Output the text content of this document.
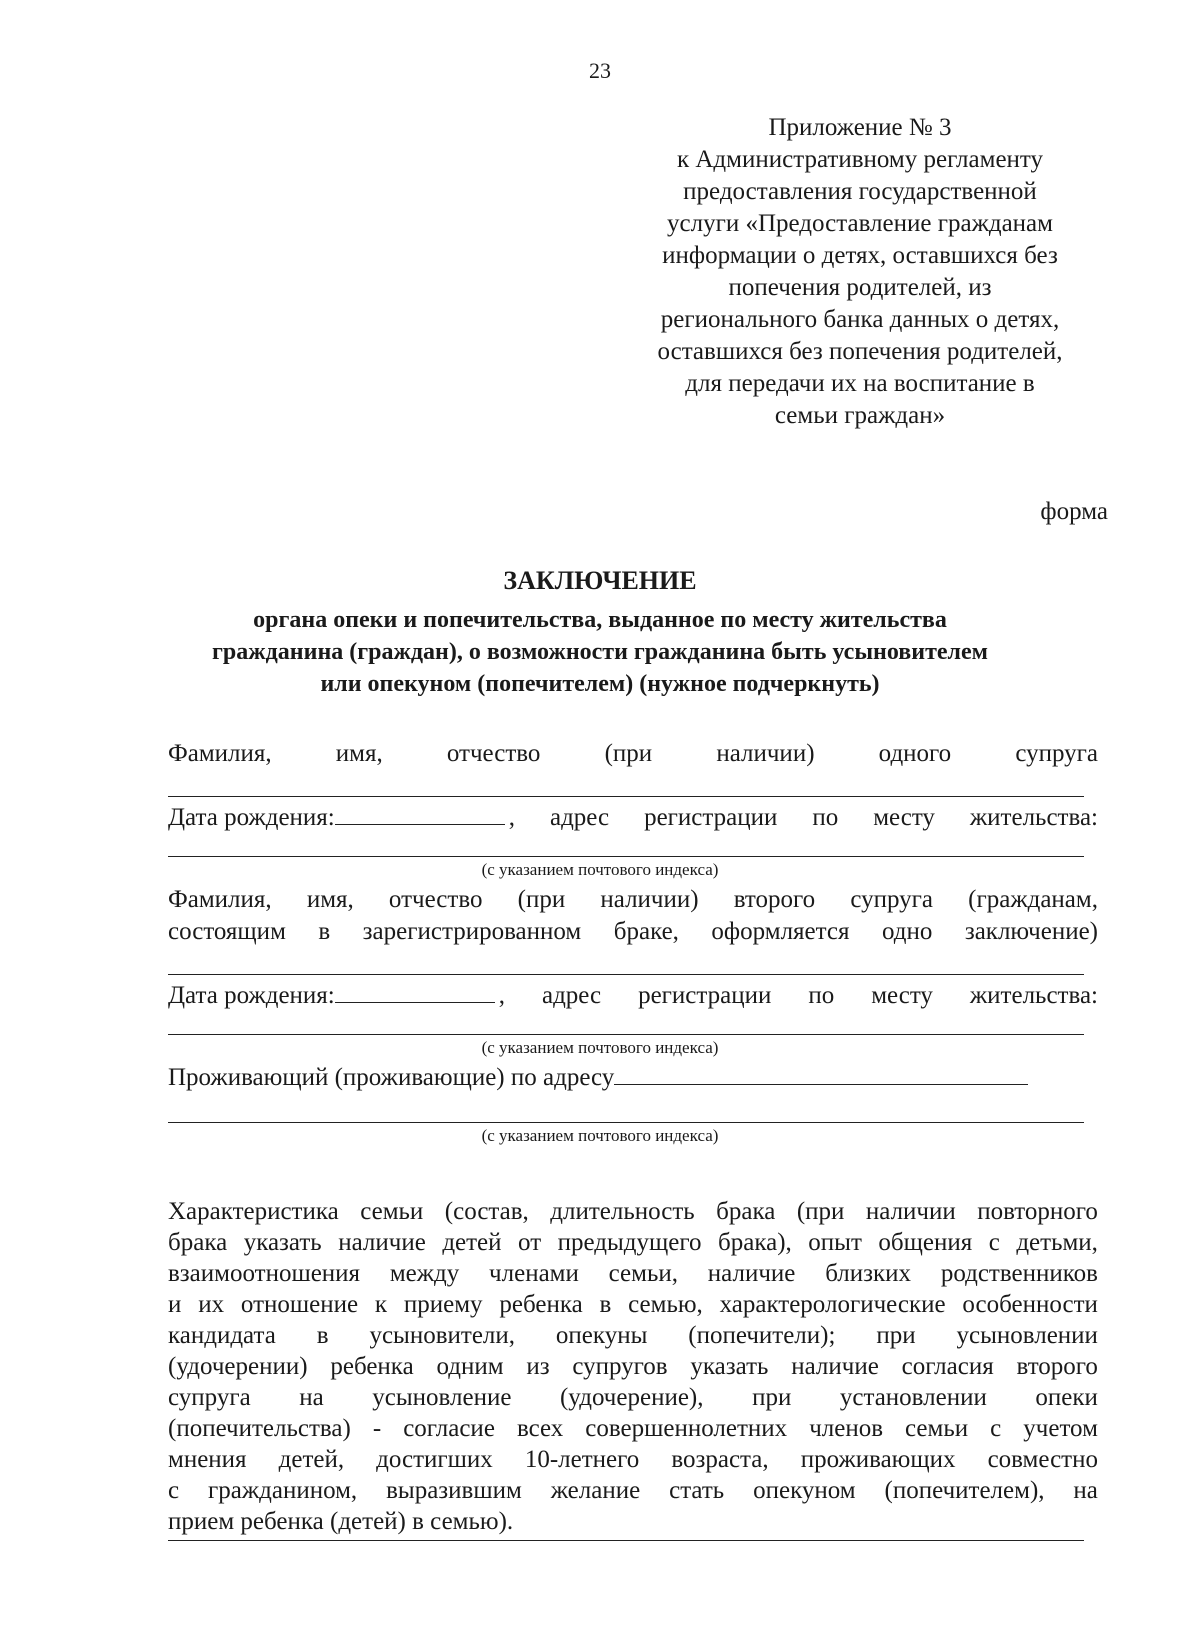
23
Приложение № 3
к Административному регламенту
предоставления государственной
услуги «Предоставление гражданам
информации о детях, оставшихся без
попечения родителей, из
регионального банка данных о детях,
оставшихся без попечения родителей,
для передачи их на воспитание в
семьи граждан»
форма
ЗАКЛЮЧЕНИЕ
органа опеки и попечительства, выданное по месту жительства
гражданина (граждан), о возможности гражданина быть усыновителем
или опекуном (попечителем) (нужное подчеркнуть)
Фамилия,	имя,	отчество	(при	наличии)	одного	супруга
Дата рождения:	, адрес регистрации по месту жительства:
(с указанием почтового индекса)
Фамилия, имя, отчество (при наличии) второго супруга (гражданам,
состоящим в зарегистрированном браке, оформляется одно заключение)
Дата рождения:	, адрес регистрации по месту жительства:
(с указанием почтового индекса)
Проживающий (проживающие) по адресу
(с указанием почтового индекса)
Характеристика семьи (состав, длительность брака (при наличии повторного
брака указать наличие детей от предыдущего брака), опыт общения с детьми,
взаимоотношения между членами семьи, наличие близких родственников
и их отношение к приему ребенка в семью, характерологические особенности
кандидата в усыновители, опекуны (попечители); при усыновлении
(удочерении) ребенка одним из супругов указать наличие согласия второго
супруга на усыновление (удочерение), при установлении опеки
(попечительства) - согласие всех совершеннолетних членов семьи с учетом
мнения детей, достигших 10-летнего возраста, проживающих совместно
с гражданином, выразившим желание стать опекуном (попечителем), на
прием ребенка (детей) в семью).
